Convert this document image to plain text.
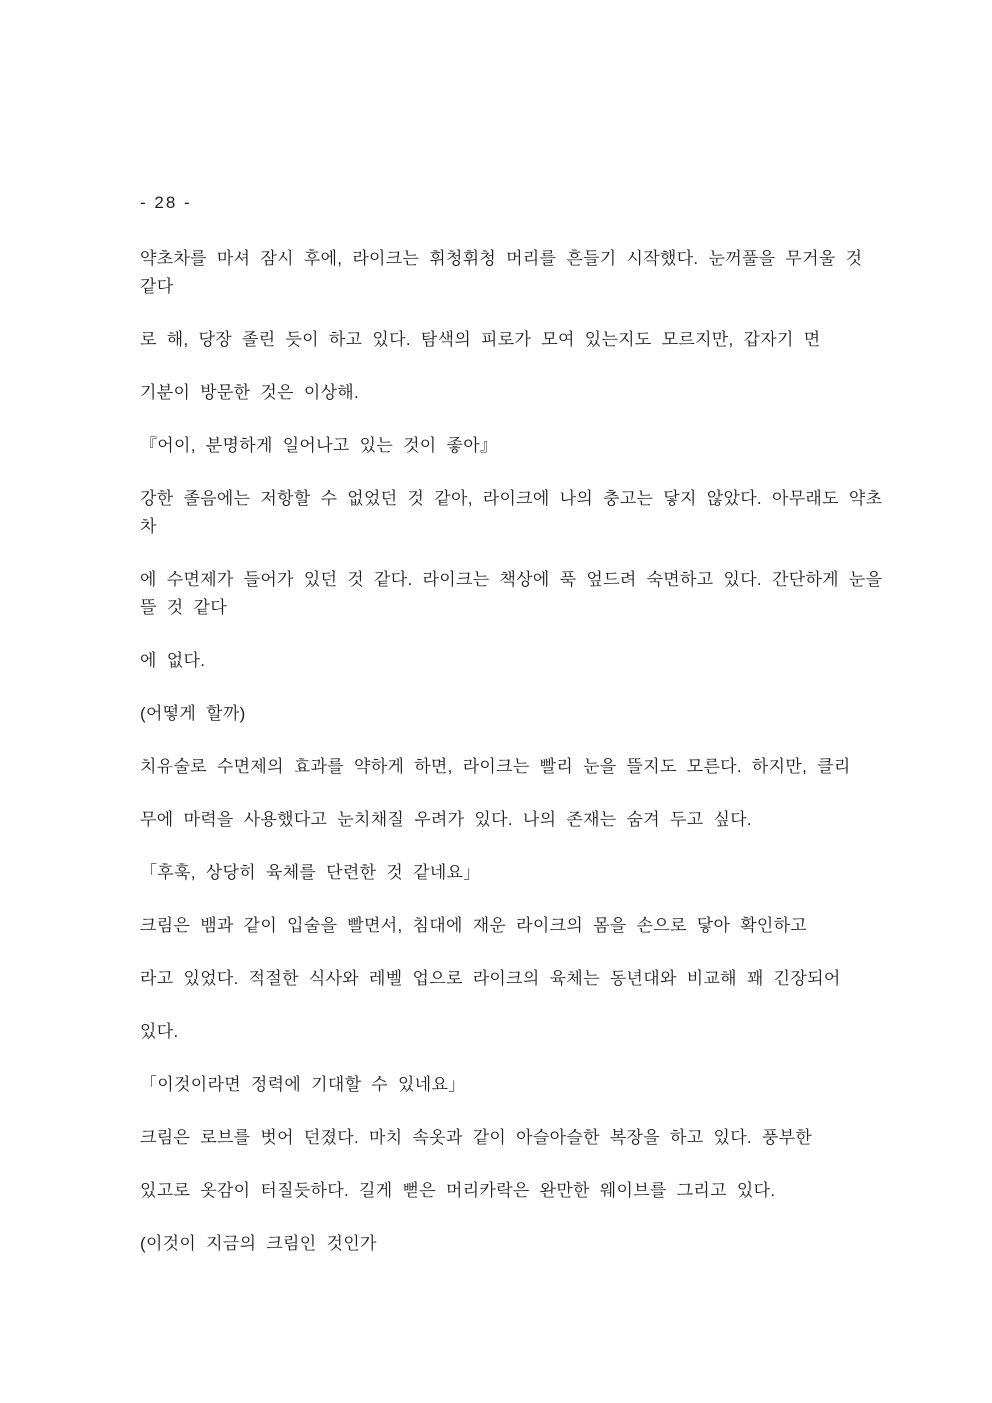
- 28 -
약초차를 마셔 잠시 후에, 라이크는 휘청휘청 머리를 흔들기 시작했다. 눈꺼풀을 무거울 것
같다
로 해, 당장 졸린 듯이 하고 있다. 탐색의 피로가 모여 있는지도 모르지만, 갑자기 면
기분이 방문한 것은 이상해.
『어이, 분명하게 일어나고 있는 것이 좋아』
강한 졸음에는 저항할 수 없었던 것 같아, 라이크에 나의 충고는 닿지 않았다. 아무래도 약초
차
에 수면제가 들어가 있던 것 같다. 라이크는 책상에 푹 엎드려 숙면하고 있다. 간단하게 눈을
뜰 것 같다
에 없다.
(어떻게 할까)
치유술로 수면제의 효과를 약하게 하면, 라이크는 빨리 눈을 뜰지도 모른다. 하지만, 클리
무에 마력을 사용했다고 눈치채질 우려가 있다. 나의 존재는 숨겨 두고 싶다.
「후훅, 상당히 육체를 단련한 것 같네요」
크림은 뱀과 같이 입술을 빨면서, 침대에 재운 라이크의 몸을 손으로 닿아 확인하고
라고 있었다. 적절한 식사와 레벨 업으로 라이크의 육체는 동년대와 비교해 꽤 긴장되어
있다.
「이것이라면 정력에 기대할 수 있네요」
크림은 로브를 벗어 던졌다. 마치 속옷과 같이 아슬아슬한 복장을 하고 있다. 풍부한
있고로 옷감이 터질듯하다. 길게 뻗은 머리카락은 완만한 웨이브를 그리고 있다.
(이것이 지금의 크림인 것인가
